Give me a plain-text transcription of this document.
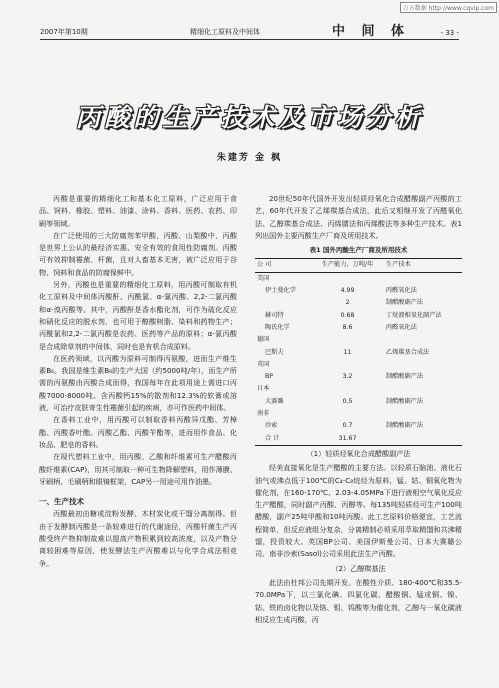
万方数据 http://www.cqvip.com
2007年第10期	精细化工原料及中间体	中 间 体	- 33 -
丙酸的生产技术及市场分析
朱建芳 金 枫

丙酸是重要的精细化工和基本化工原料，广泛应用于食品、饲料、橡胶、塑料、油漆、涂料、香料、医药、农药、印刷等领域。

在广泛使用的三大防腐剂苯甲酸、丙酸、山梨酸中，丙酸是世界上公认的最经济实惠、安全有效的食用性防腐剂。丙酸可有效抑制霉菌、杆菌，且对人畜基本无害，被广泛应用于谷物、饲料和食品的防腐保鲜中。

另外，丙酸也是重要的精细化工原料，用丙酸可制取有机化工原料及中间体丙酸酐、丙酰氯、α-氯丙酸、2,2-二氯丙酸和α-溴丙酸等。其中，丙酸酐是香水酯化剂，可作为硫化反应和硝化反应的脱水剂，也可用于醇酸树脂、染料和药物生产；丙酰氯和2,2-二氯丙酸是农药、医药等产品的原料；α-氯丙酸是合成除草剂的中间体，同时也是有机合成原料。

在医药领域，以丙酸为原料可制得丙氨酸，进而生产维生素B₆。我国是维生素B₆的生产大国（约5000吨/年），而生产所需的丙氨酸由丙酸合成而得，我国每年在此项用途上需进口丙酸7000-8000吨。含丙酸钙15%的散剂和12.3%的软膏或溶液，可治疗皮肤寄生性霉菌引起的疾病，亦可作医药中间体。

在香料工业中，用丙酸可以制取香料丙酸异戊酯、芳樟酯、丙酸香叶酯、丙酸乙酯、丙酸苄酯等，进而用作食品、化妆品、肥皂的香料。

在现代塑料工业中，用丙酸、乙酸和纤维素可生产醋酸丙酸纤维素(CAP)，用其可制取一种可生物降解塑料，用作薄膜、牙刷柄、毛刷柄和眼镜框架，CAP另一用途可用作油墨。

一、生产技术

丙酸最初由糖或淀粉发酵、木材炭化或干馏分离制得。但由于发酵制丙酸是一条较难进行的代谢途径，丙酸杆菌生产丙酸受终产物抑制故难以提高产物积累到较高浓度，以及产物分离较困难等原因，使发酵法生产丙酸难以与化学合成法相竞争。

20世纪50年代国外开发出轻质烃氧化合成醋酸副产丙酸的工艺，60年代开发了乙烯羰基合成法，此后又相继开发了丙醛氧化法、乙醇羰基合成法、丙烯腈法和丙烯酸法等多种生产技术。表1列出国外主要丙酸生产厂商及所用技术。

表1 国外丙酸生产厂商及所用技术
公 司	生产能力，万吨/年	生产技术
美国		
伊士曼化学	4.99	丙醛氧化法
	2	制醋酸副产法
赫司特	0.68	丁烷液相氧化副产法
陶氏化学	8.6	丙醛氧化法
德国		
巴斯夫	11	乙烯羰基合成法
英国		
BP	3.2	制醋酸副产法
日本		
大赛璐	0.5	制醋酸副产法
南非		
沙索	0.7	制醋酸副产法
合 计	31.67	
（1）轻质烃氧化合成醋酸副产法

经美直接氧化是生产醋酸的主要方法。以轻质石脑油、液化石油气或沸点低于100℃的C₄-C₈烷烃为原料，锰、钴、铜氧化物为催化剂，在160-170℃、2.03-4.05MPa下进行液相空气氧化反应生产醋酸，同时副产丙酸、丙醇等。每135吨轻质烃可生产100吨醋酸，副产25吨甲酸和10吨丙酸。此工艺原料价格便宜，工艺流程简单，但反应液组分复杂，分离精制必须采用萃取精馏和共沸精馏，投资较大。英国BP公司、美国伊斯曼公司、日本大赛璐公司、南非沙索(Sasol)公司采用此法生产丙酸。

（2）乙醇羰基法

此法由杜邦公司先期开发。在酸性介质、180-400℃和35.5-70.0MPa下，以三氯化碘、四氯化碳、醋酸铜、锰或铜、镍、钴、铁的卤化物以及铬、钼、钨酸等为催化剂，乙醇与一氧化碳液相反应生成丙酸，丙
